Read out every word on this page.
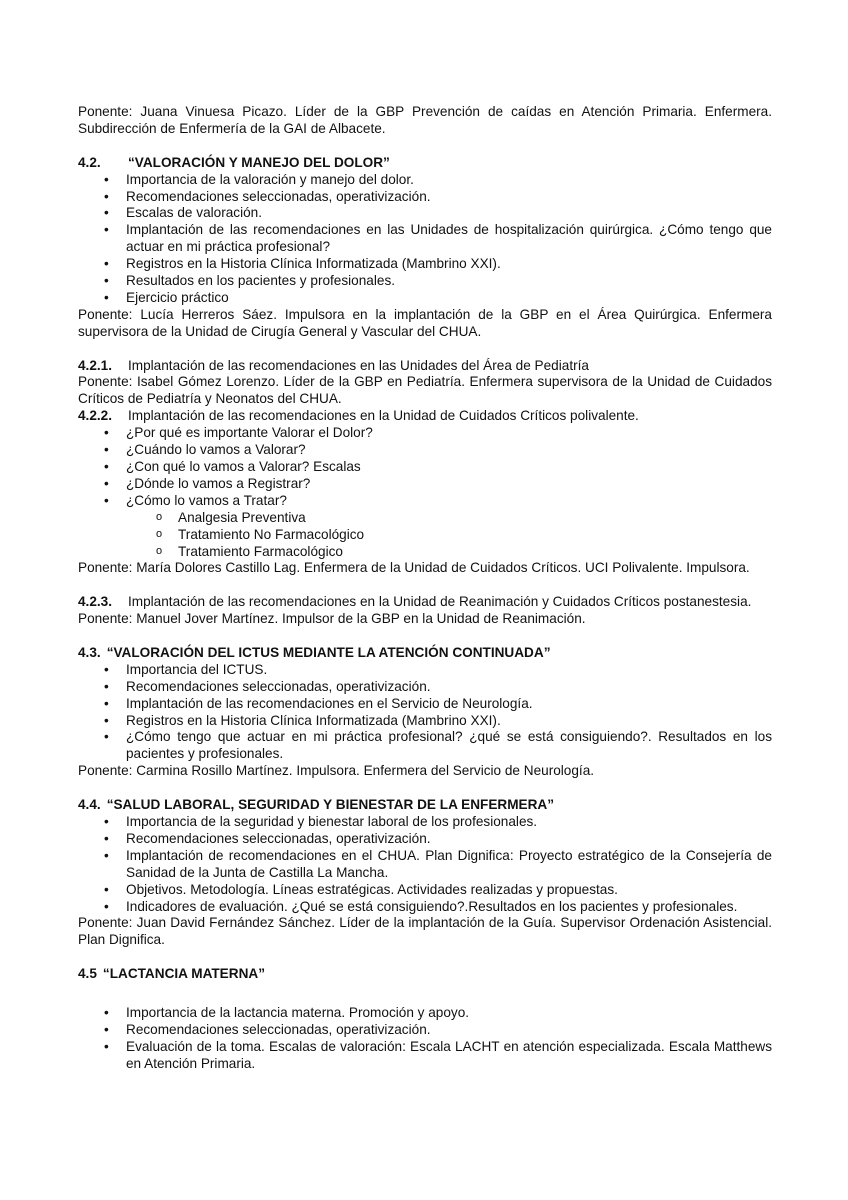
Ponente: Juana Vinuesa Picazo. Líder de la GBP Prevención de caídas en Atención Primaria. Enfermera. Subdirección de Enfermería de la GAI de Albacete.

4.2.	“VALORACIÓN Y MANEJO DEL DOLOR”
• Importancia de la valoración y manejo del dolor.
• Recomendaciones seleccionadas, operativización.
• Escalas de valoración.
• Implantación de las recomendaciones en las Unidades de hospitalización quirúrgica. ¿Cómo tengo que actuar en mi práctica profesional?
• Registros en la Historia Clínica Informatizada (Mambrino XXI).
• Resultados en los pacientes y profesionales.
• Ejercicio práctico

Ponente: Lucía Herreros Sáez. Impulsora en la implantación de la GBP en el Área Quirúrgica. Enfermera supervisora de la Unidad de Cirugía General y Vascular del CHUA.

4.2.1.	Implantación de las recomendaciones en las Unidades del Área de Pediatría

Ponente: Isabel Gómez Lorenzo. Líder de la GBP en Pediatría. Enfermera supervisora de la Unidad de Cuidados Críticos de Pediatría y Neonatos del CHUA.

4.2.2.	Implantación de las recomendaciones en la Unidad de Cuidados Críticos polivalente.
• ¿Por qué es importante Valorar el Dolor?
• ¿Cuándo lo vamos a Valorar?
• ¿Con qué lo vamos a Valorar? Escalas
• ¿Dónde lo vamos a Registrar?
• ¿Cómo lo vamos a Tratar?
o Analgesia Preventiva
o Tratamiento No Farmacológico
o Tratamiento Farmacológico

Ponente: María Dolores Castillo Lag. Enfermera de la Unidad de Cuidados Críticos. UCI Polivalente. Impulsora.

4.2.3.	Implantación de las recomendaciones en la Unidad de Reanimación y Cuidados Críticos postanestesia.

Ponente: Manuel Jover Martínez. Impulsor de la GBP en la Unidad de Reanimación.

4.3. “VALORACIÓN DEL ICTUS MEDIANTE LA ATENCIÓN CONTINUADA”
• Importancia del ICTUS.
• Recomendaciones seleccionadas, operativización.
• Implantación de las recomendaciones en el Servicio de Neurología.
• Registros en la Historia Clínica Informatizada (Mambrino XXI).
• ¿Cómo tengo que actuar en mi práctica profesional? ¿qué se está consiguiendo?. Resultados en los pacientes y profesionales.

Ponente: Carmina Rosillo Martínez. Impulsora. Enfermera del Servicio de Neurología.

4.4. “SALUD LABORAL, SEGURIDAD Y BIENESTAR DE LA ENFERMERA”
• Importancia de la seguridad y bienestar laboral de los profesionales.
• Recomendaciones seleccionadas, operativización.
• Implantación de recomendaciones en el CHUA. Plan Dignifica: Proyecto estratégico de la Consejería de Sanidad de la Junta de Castilla La Mancha.
• Objetivos. Metodología. Líneas estratégicas. Actividades realizadas y propuestas.
• Indicadores de evaluación. ¿Qué se está consiguiendo?.Resultados en los pacientes y profesionales.

Ponente: Juan David Fernández Sánchez. Líder de la implantación de la Guía. Supervisor Ordenación Asistencial. Plan Dignifica.

4.5 “LACTANCIA MATERNA”
• Importancia de la lactancia materna. Promoción y apoyo.
• Recomendaciones seleccionadas, operativización.
• Evaluación de la toma. Escalas de valoración: Escala LACHT en atención especializada. Escala Matthews en Atención Primaria.
